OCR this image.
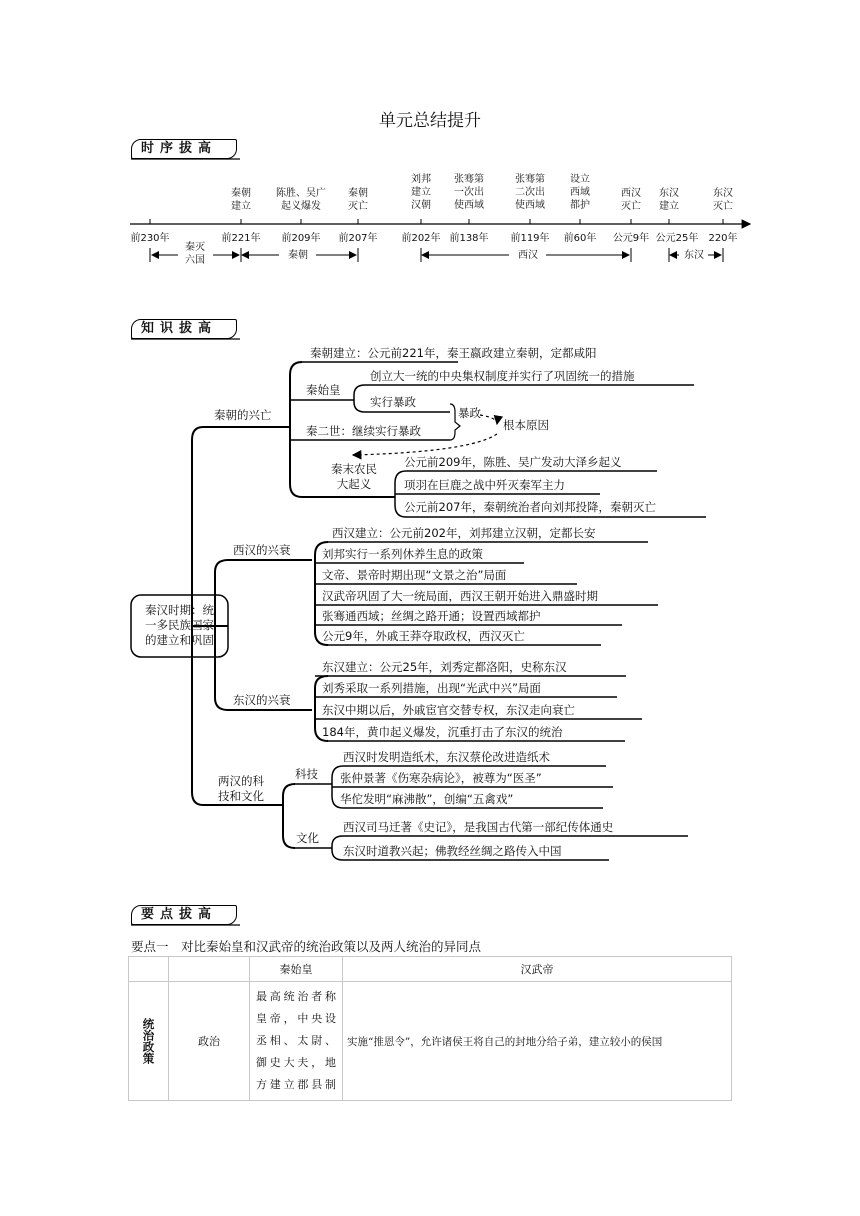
单元总结提升
时序拔高
知识拔高
要点拔高
秦朝
建立
陈胜、吴广
起义爆发
秦朝
灭亡
刘邦
建立
汉朝
张骞第
一次出
使西域
张骞第
二次出
使西域
设立
西域
都护
西汉
灭亡
东汉
建立
东汉
灭亡
前230年	前221年	前209年	前207年	前202年 前138年	前119年	前60年	公元9年 公元25年	220年
秦灭
六国	秦朝	西汉	东汉
秦汉时期：统
一多民族国家
的建立和巩固
秦朝的兴亡
秦朝建立：公元前221年，秦王嬴政建立秦朝，定都咸阳
秦始皇
创立大一统的中央集权制度并实行了巩固统一的措施
实行暴政
秦二世：继续实行暴政
暴政
根本原因
秦末农民
大起义
公元前209年，陈胜、吴广发动大泽乡起义
项羽在巨鹿之战中歼灭秦军主力
公元前207年，秦朝统治者向刘邦投降，秦朝灭亡
西汉的兴衰
西汉建立：公元前202年，刘邦建立汉朝，定都长安
刘邦实行一系列休养生息的政策
文帝、景帝时期出现“文景之治”局面
汉武帝巩固了大一统局面，西汉王朝开始进入鼎盛时期
张骞通西域；丝绸之路开通；设置西域都护
公元9年，外戚王莽夺取政权，西汉灭亡
东汉的兴衰
东汉建立：公元25年，刘秀定都洛阳，史称东汉
刘秀采取一系列措施，出现“光武中兴”局面
东汉中期以后，外戚宦官交替专权，东汉走向衰亡
184年，黄巾起义爆发，沉重打击了东汉的统治
两汉的科
技和文化
科技
西汉时发明造纸术，东汉蔡伦改进造纸术
张仲景著《伤寒杂病论》，被尊为“医圣”
华佗发明“麻沸散”，创编“五禽戏”
文化
西汉司马迁著《史记》，是我国古代第一部纪传体通史
东汉时道教兴起；佛教经丝绸之路传入中国
要点一　对比秦始皇和汉武帝的统治政策以及两人统治的异同点
		秦始皇	汉武帝

统治政策	政治	最高统治者称
皇帝，中央设
丞相、太尉、
御史大夫，地
方建立郡县制	实施“推恩令”，允许诸侯王将自己的封地分给子弟，建立较小的侯国
